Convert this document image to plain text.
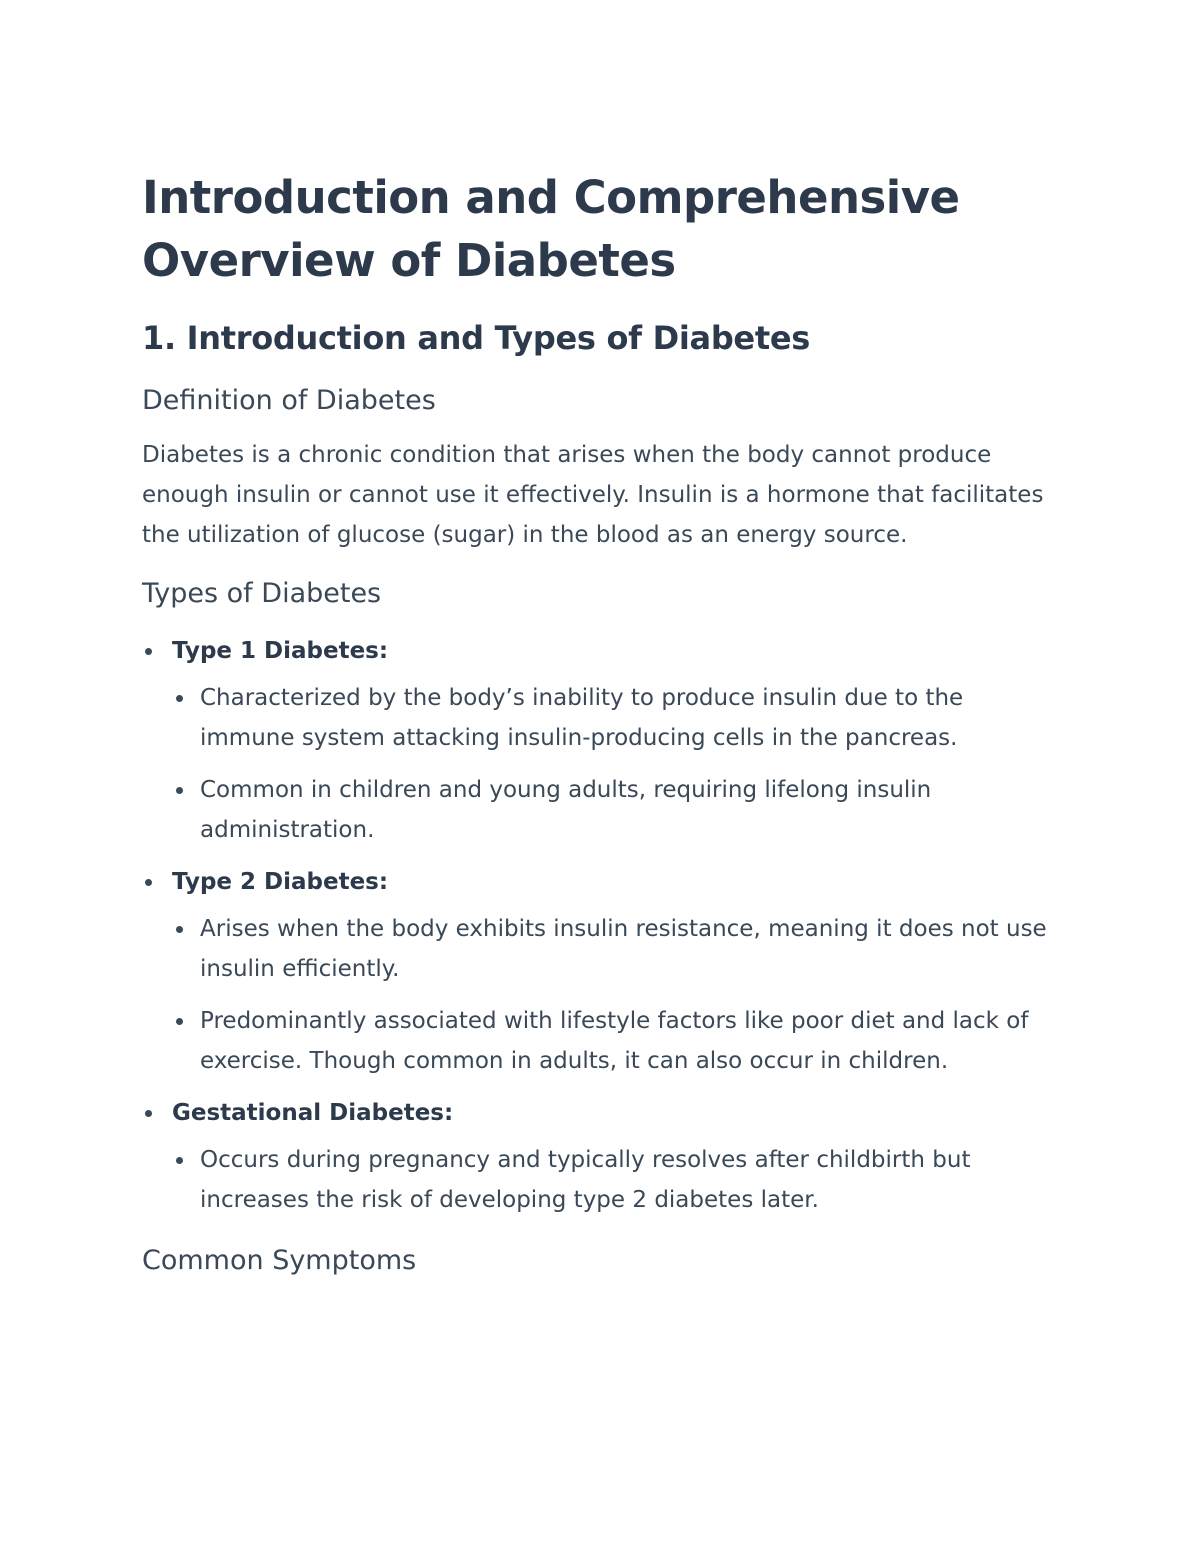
Introduction and Comprehensive Overview of Diabetes
1. Introduction and Types of Diabetes
Definition of Diabetes

Diabetes is a chronic condition that arises when the body cannot produce enough insulin or cannot use it effectively. Insulin is a hormone that facilitates the utilization of glucose (sugar) in the blood as an energy source.

Types of Diabetes
Type 1 Diabetes:
Characterized by the body’s inability to produce insulin due to the immune system attacking insulin-producing cells in the pancreas.
Common in children and young adults, requiring lifelong insulin administration.
Type 2 Diabetes:
Arises when the body exhibits insulin resistance, meaning it does not use insulin efficiently.
Predominantly associated with lifestyle factors like poor diet and lack of exercise. Though common in adults, it can also occur in children.
Gestational Diabetes:
Occurs during pregnancy and typically resolves after childbirth but increases the risk of developing type 2 diabetes later.
Common Symptoms
